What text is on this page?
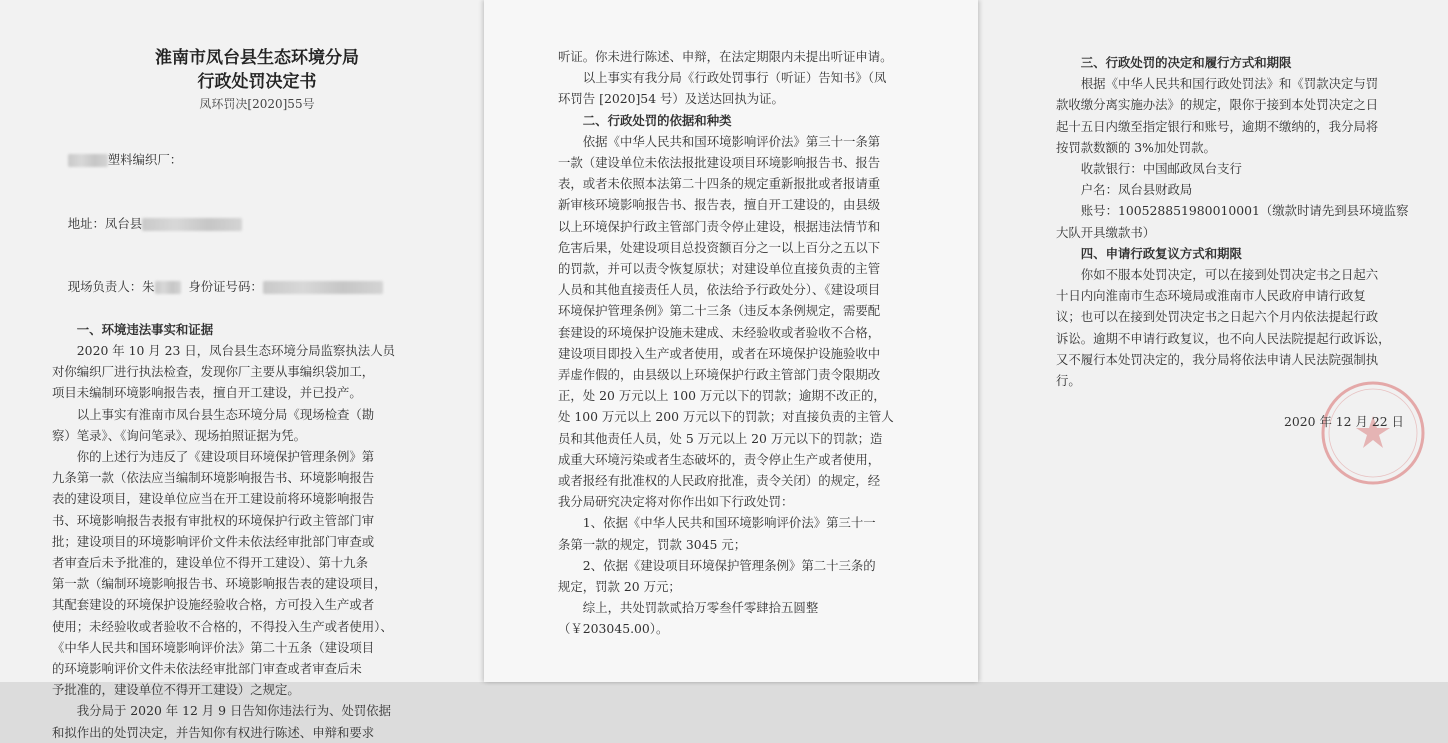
淮南市凤台县生态环境分局

行政处罚决定书

凤环罚决[2020]55号

塑料编织厂：

地址：凤台县

现场负责人：朱	身份证号码：

一、环境违法事实和证据

2020 年 10 月 23 日，凤台县生态环境分局监察执法人员

对你编织厂进行执法检查，发现你厂主要从事编织袋加工，

项目未编制环境影响报告表，擅自开工建设，并已投产。

以上事实有淮南市凤台县生态环境分局《现场检查（勘

察）笔录》、《询问笔录》、现场拍照证据为凭。

你的上述行为违反了《建设项目环境保护管理条例》第

九条第一款（依法应当编制环境影响报告书、环境影响报告

表的建设项目，建设单位应当在开工建设前将环境影响报告

书、环境影响报告表报有审批权的环境保护行政主管部门审

批；建设项目的环境影响评价文件未依法经审批部门审查或

者审查后未予批准的，建设单位不得开工建设）、第十九条

第一款（编制环境影响报告书、环境影响报告表的建设项目，

其配套建设的环境保护设施经验收合格，方可投入生产或者

使用；未经验收或者验收不合格的，不得投入生产或者使用）、

《中华人民共和国环境影响评价法》第二十五条（建设项目

的环境影响评价文件未依法经审批部门审查或者审查后未

予批准的，建设单位不得开工建设）之规定。

我分局于 2020 年 12 月 9 日告知你违法行为、处罚依据

和拟作出的处罚决定，并告知你有权进行陈述、申辩和要求

听证。你未进行陈述、申辩，在法定期限内未提出听证申请。

以上事实有我分局《行政处罚事行（听证）告知书》（凤

环罚告 [2020]54 号）及送达回执为证。

二、行政处罚的依据和种类

依据《中华人民共和国环境影响评价法》第三十一条第

一款（建设单位未依法报批建设项目环境影响报告书、报告

表，或者未依照本法第二十四条的规定重新报批或者报请重

新审核环境影响报告书、报告表，擅自开工建设的，由县级

以上环境保护行政主管部门责令停止建设，根据违法情节和

危害后果，处建设项目总投资额百分之一以上百分之五以下

的罚款，并可以责令恢复原状；对建设单位直接负责的主管

人员和其他直接责任人员，依法给予行政处分）、《建设项目

环境保护管理条例》第二十三条（违反本条例规定，需要配

套建设的环境保护设施未建成、未经验收或者验收不合格，

建设项目即投入生产或者使用，或者在环境保护设施验收中

弄虚作假的，由县级以上环境保护行政主管部门责令限期改

正，处 20 万元以上 100 万元以下的罚款；逾期不改正的，

处 100 万元以上 200 万元以下的罚款；对直接负责的主管人

员和其他责任人员，处 5 万元以上 20 万元以下的罚款；造

成重大环境污染或者生态破坏的，责令停止生产或者使用，

或者报经有批准权的人民政府批准，责令关闭）的规定，经

我分局研究决定将对你作出如下行政处罚：

1、依据《中华人民共和国环境影响评价法》第三十一

条第一款的规定，罚款 3045 元；

2、依据《建设项目环境保护管理条例》第二十三条的

规定，罚款 20 万元；

综上，共处罚款贰拾万零叁仟零肆拾五圆整

（￥203045.00）。

三、行政处罚的决定和履行方式和期限

根据《中华人民共和国行政处罚法》和《罚款决定与罚

款收缴分离实施办法》的规定，限你于接到本处罚决定之日

起十五日内缴至指定银行和账号，逾期不缴纳的，我分局将

按罚款数额的 3%加处罚款。

收款银行：中国邮政凤台支行

户名：凤台县财政局

账号：100528851980010001（缴款时请先到县环境监察

大队开具缴款书）

四、申请行政复议方式和期限

你如不服本处罚决定，可以在接到处罚决定书之日起六

十日内向淮南市生态环境局或淮南市人民政府申请行政复

议；也可以在接到处罚决定书之日起六个月内依法提起行政

诉讼。逾期不申请行政复议，也不向人民法院提起行政诉讼，

又不履行本处罚决定的，我分局将依法申请人民法院强制执

行。

2020 年 12 月 22 日
